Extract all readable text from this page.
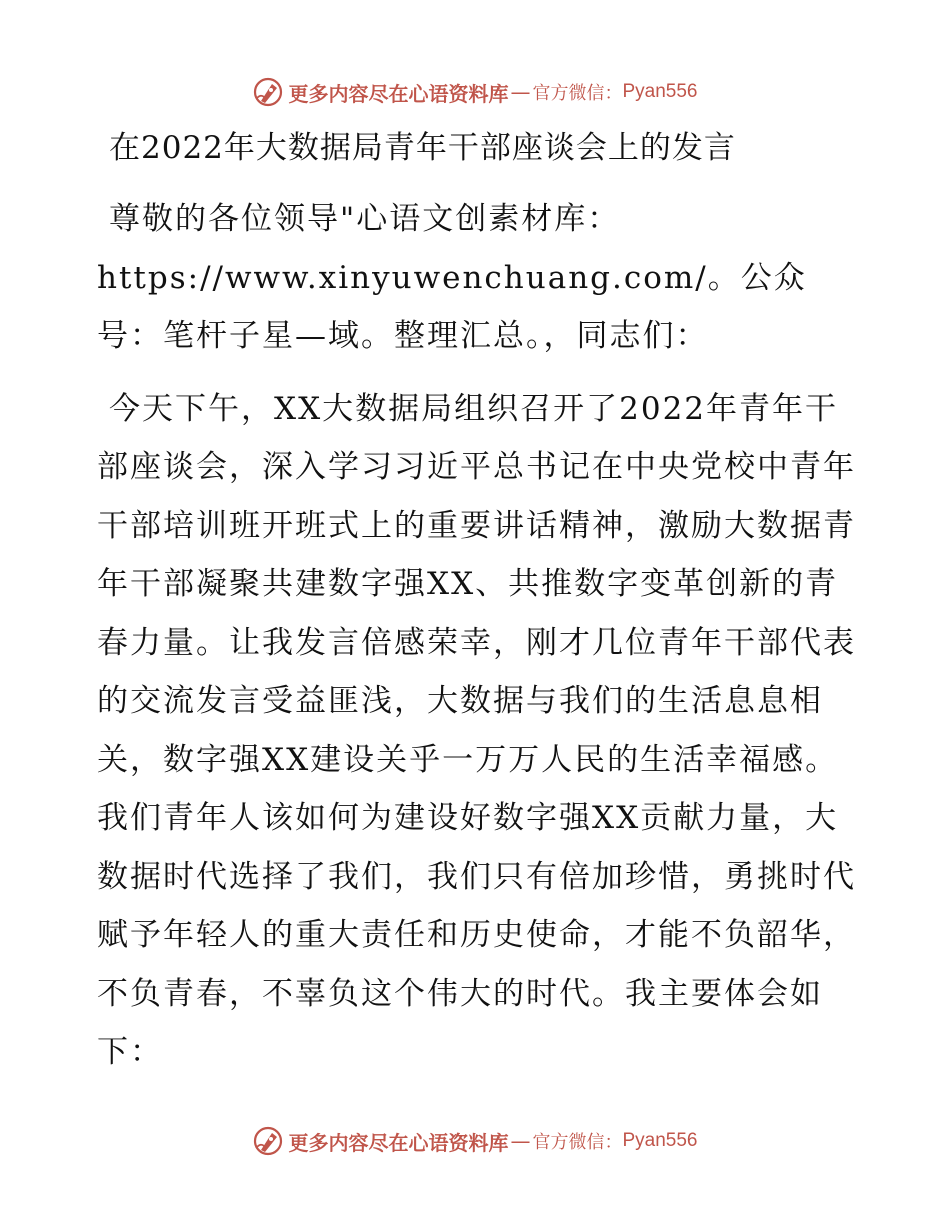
更多内容尽在心语资料库 — 官方微信： Pyan556
在2022年大数据局青年干部座谈会上的发言

尊敬的各位领导"心语文创素材库：https://www.xinyuwenchuang.com/。公众号：笔杆子星—域。整理汇总。，同志们：

今天下午，XX大数据局组织召开了2022年青年干部座谈会，深入学习习近平总书记在中央党校中青年干部培训班开班式上的重要讲话精神，激励大数据青年干部凝聚共建数字强XX、共推数字变革创新的青春力量。让我发言倍感荣幸，刚才几位青年干部代表的交流发言受益匪浅，大数据与我们的生活息息相关，数字强XX建设关乎一万万人民的生活幸福感。我们青年人该如何为建设好数字强XX贡献力量，大数据时代选择了我们，我们只有倍加珍惜，勇挑时代赋予年轻人的重大责任和历史使命，才能不负韶华，不负青春，不辜负这个伟大的时代。我主要体会如下：

更多内容尽在心语资料库 — 官方微信： Pyan556
